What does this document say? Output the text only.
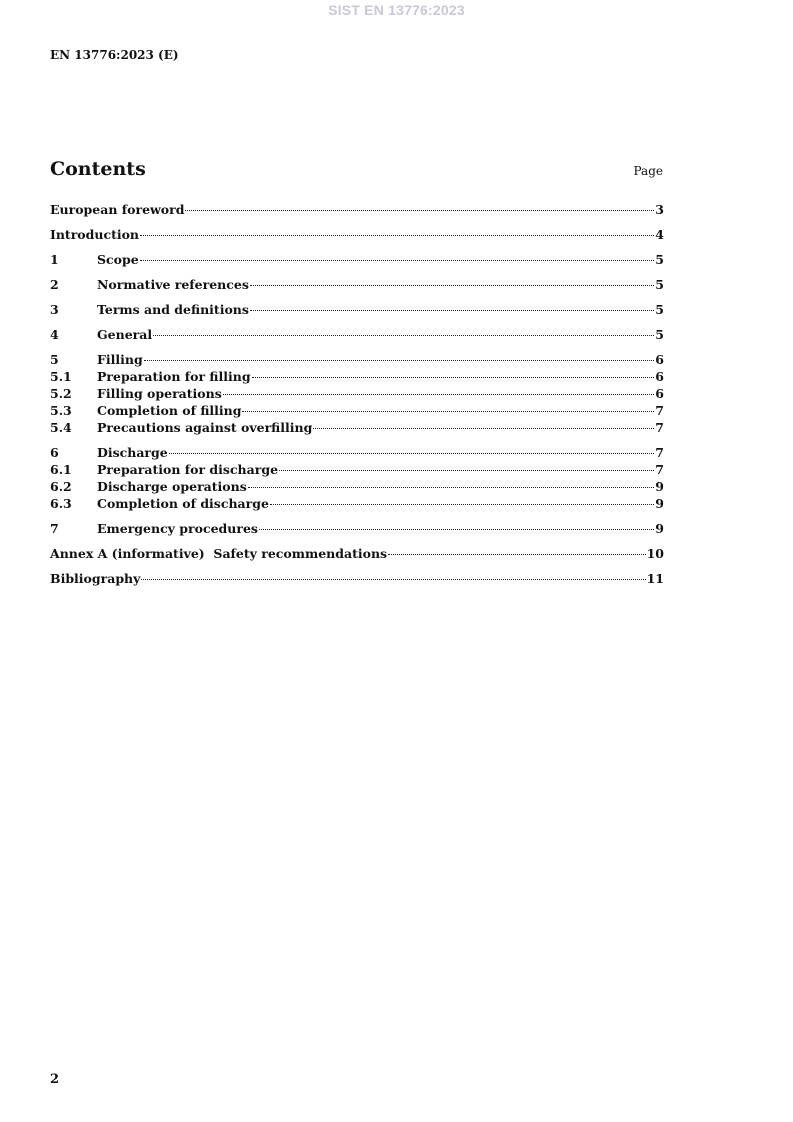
SIST EN 13776:2023
EN 13776:2023 (E)
Contents	Page
European foreword	3
Introduction	4
1	Scope	5
2	Normative references	5
3	Terms and definitions	5
4	General	5
5	Filling	6
5.1	Preparation for filling	6
5.2	Filling operations	6
5.3	Completion of filling	7
5.4	Precautions against overfilling	7
6	Discharge	7
6.1	Preparation for discharge	7
6.2	Discharge operations	9
6.3	Completion of discharge	9
7	Emergency procedures	9
Annex A (informative)  Safety recommendations	10
Bibliography	11
2
